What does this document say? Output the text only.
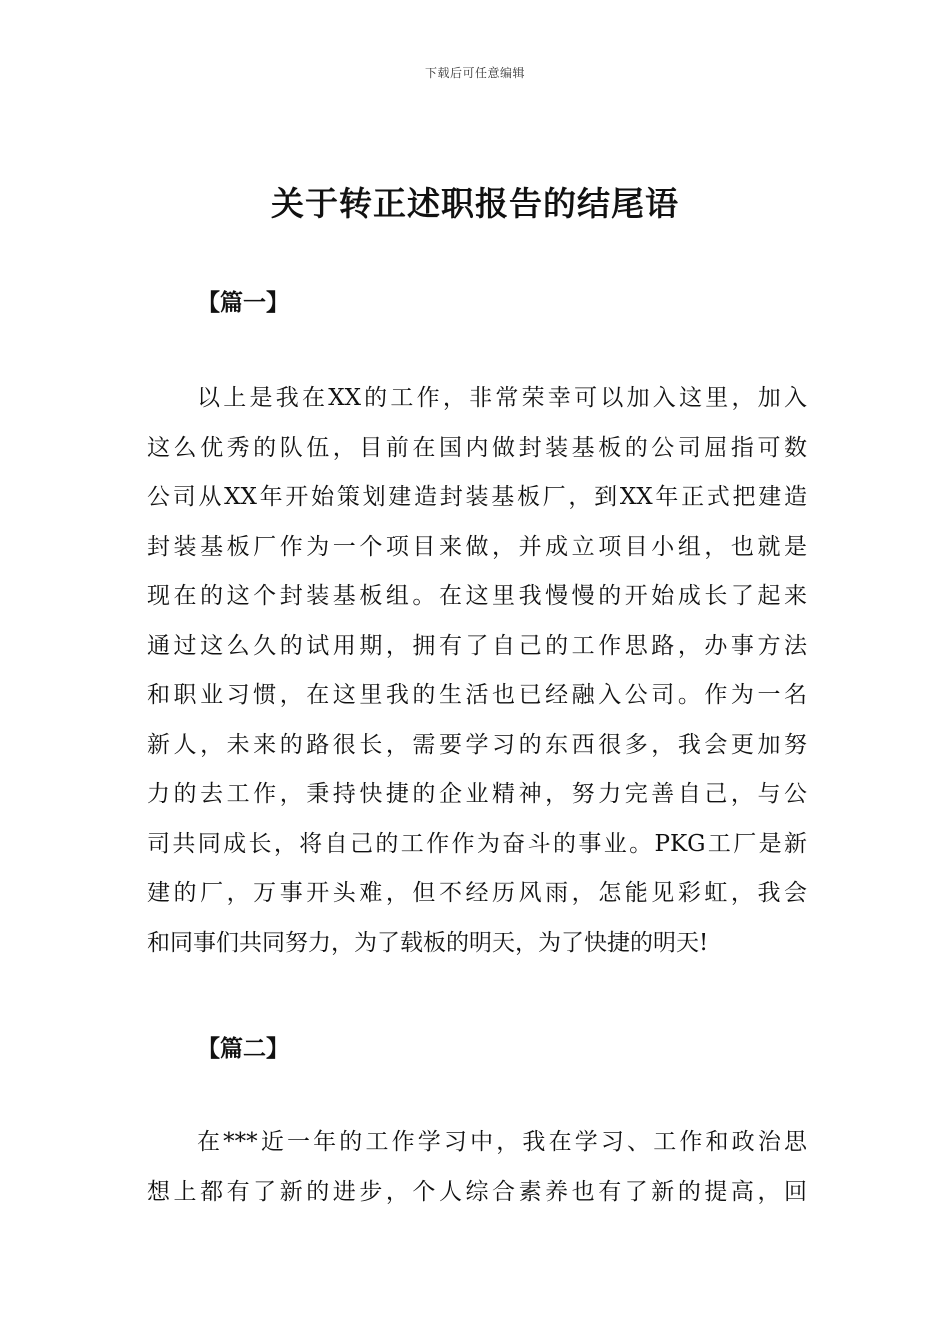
下载后可任意编辑
关于转正述职报告的结尾语
【篇一】
以上是我在XX的工作，非常荣幸可以加入这里，加入
这么优秀的队伍，目前在国内做封装基板的公司屈指可数
公司从XX年开始策划建造封装基板厂，到XX年正式把建造
封装基板厂作为一个项目来做，并成立项目小组，也就是
现在的这个封装基板组。在这里我慢慢的开始成长了起来
通过这么久的试用期，拥有了自己的工作思路，办事方法
和职业习惯，在这里我的生活也已经融入公司。作为一名
新人，未来的路很长，需要学习的东西很多，我会更加努
力的去工作，秉持快捷的企业精神，努力完善自己，与公
司共同成长，将自己的工作作为奋斗的事业。PKG工厂是新
建的厂，万事开头难，但不经历风雨，怎能见彩虹，我会
和同事们共同努力，为了载板的明天，为了快捷的明天!
【篇二】
在***近一年的工作学习中，我在学习、工作和政治思
想上都有了新的进步，个人综合素养也有了新的提高，回
